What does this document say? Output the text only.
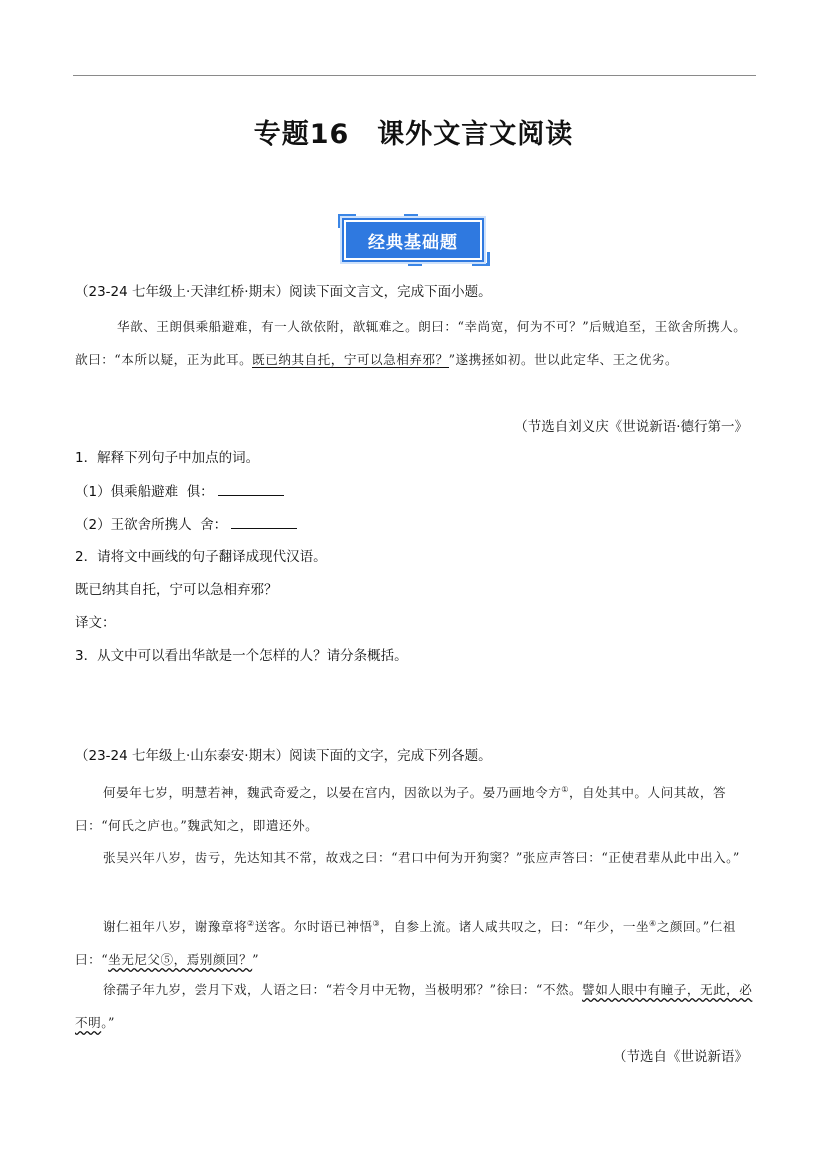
专题16　课外文言文阅读
经典基础题
（23-24 七年级上·天津红桥·期末）阅读下面文言文，完成下面小题。
华歆、王朗俱乘船避难，有一人欲依附，歆辄难之。朗曰：“幸尚宽，何为不可？”后贼追至，王欲舍所携人。歆曰：“本所以疑，正为此耳。既已纳其自托，宁可以急相弃邪？”遂携拯如初。世以此定华、王之优劣。
（节选自刘义庆《世说新语·德行第一》
1．解释下列句子中加点的词。
（1）俱乘船避难 俱：
（2）王欲舍所携人 舍：
2．请将文中画线的句子翻译成现代汉语。
既已纳其自托，宁可以急相弃邪？
译文：
3．从文中可以看出华歆是一个怎样的人？请分条概括。
（23-24 七年级上·山东泰安·期末）阅读下面的文字，完成下列各题。
何晏年七岁，明慧若神，魏武奇爱之，以晏在宫内，因欲以为子。晏乃画地令方①，自处其中。人问其故，答曰：“何氏之庐也。”魏武知之，即遣还外。
张吴兴年八岁，齿亏，先达知其不常，故戏之曰：“君口中何为开狗窦？”张应声答曰：“正使君辈从此中出入。”
谢仁祖年八岁，谢豫章将②送客。尔时语已神悟③，自参上流。诸人咸共叹之，曰：“年少，一坐④之颜回。”仁祖曰：“坐无尼父⑤，焉别颜回？”
徐孺子年九岁，尝月下戏，人语之曰：“若令月中无物，当极明邪？”徐曰：“不然。譬如人眼中有瞳子，无此，必不明。”
（节选自《世说新语》
